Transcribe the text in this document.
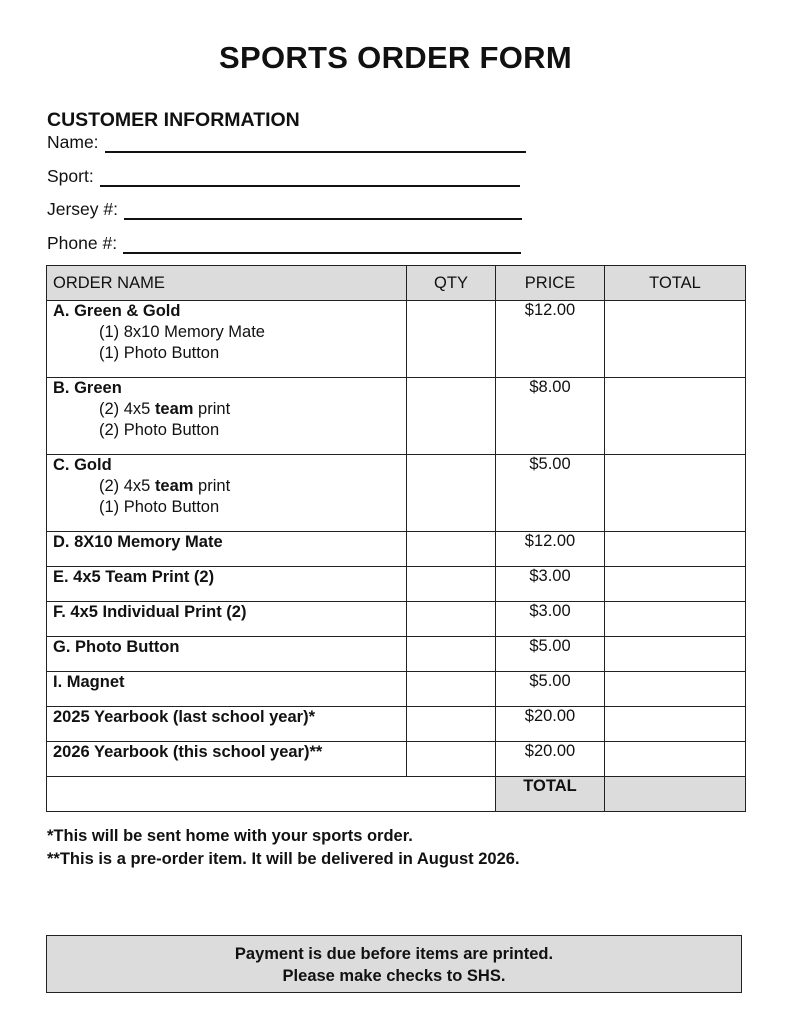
SPORTS ORDER FORM
CUSTOMER INFORMATION
Name:
Sport:
Jersey #:
Phone #:
ORDER NAME	QTY	PRICE	TOTAL

A. Green & Gold
(1) 8x10 Memory Mate
(1) Photo Button		$12.00	

B. Green
(2) 4x5 team print
(2) Photo Button		$8.00	

C. Gold
(2) 4x5 team print
(1) Photo Button		$5.00	
D. 8X10 Memory Mate		$12.00	
E. 4x5 Team Print (2)		$3.00	
F. 4x5 Individual Print (2)		$3.00	
G. Photo Button		$5.00	
I. Magnet		$5.00	
2025 Yearbook (last school year)*		$20.00	
2026 Yearbook (this school year)**		$20.00	
		TOTAL	
*This will be sent home with your sports order.
**This is a pre-order item. It will be delivered in August 2026.
Payment is due before items are printed.
Please make checks to SHS.
